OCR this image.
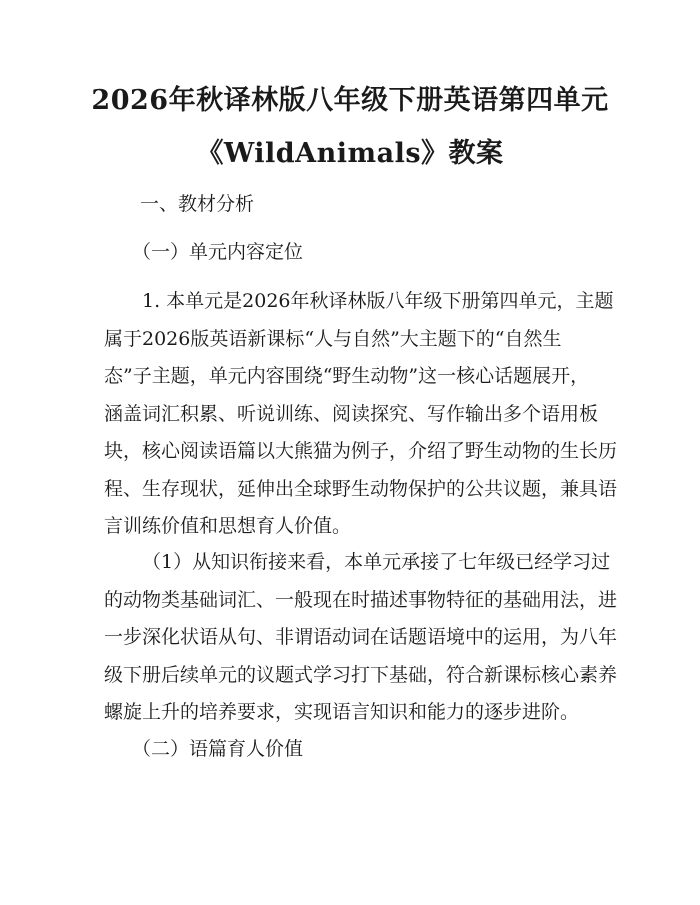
2026年秋译林版八年级下册英语第四单元
《WildAnimals》教案
一、教材分析
（一）单元内容定位
1. 本单元是2026年秋译林版八年级下册第四单元，主题
属于2026版英语新课标“人与自然”大主题下的“自然生
态”子主题，单元内容围绕“野生动物”这一核心话题展开，
涵盖词汇积累、听说训练、阅读探究、写作输出多个语用板
块，核心阅读语篇以大熊猫为例子，介绍了野生动物的生长历
程、生存现状，延伸出全球野生动物保护的公共议题，兼具语
言训练价值和思想育人价值。
（1）从知识衔接来看，本单元承接了七年级已经学习过
的动物类基础词汇、一般现在时描述事物特征的基础用法，进
一步深化状语从句、非谓语动词在话题语境中的运用，为八年
级下册后续单元的议题式学习打下基础，符合新课标核心素养
螺旋上升的培养要求，实现语言知识和能力的逐步进阶。
（二）语篇育人价值
